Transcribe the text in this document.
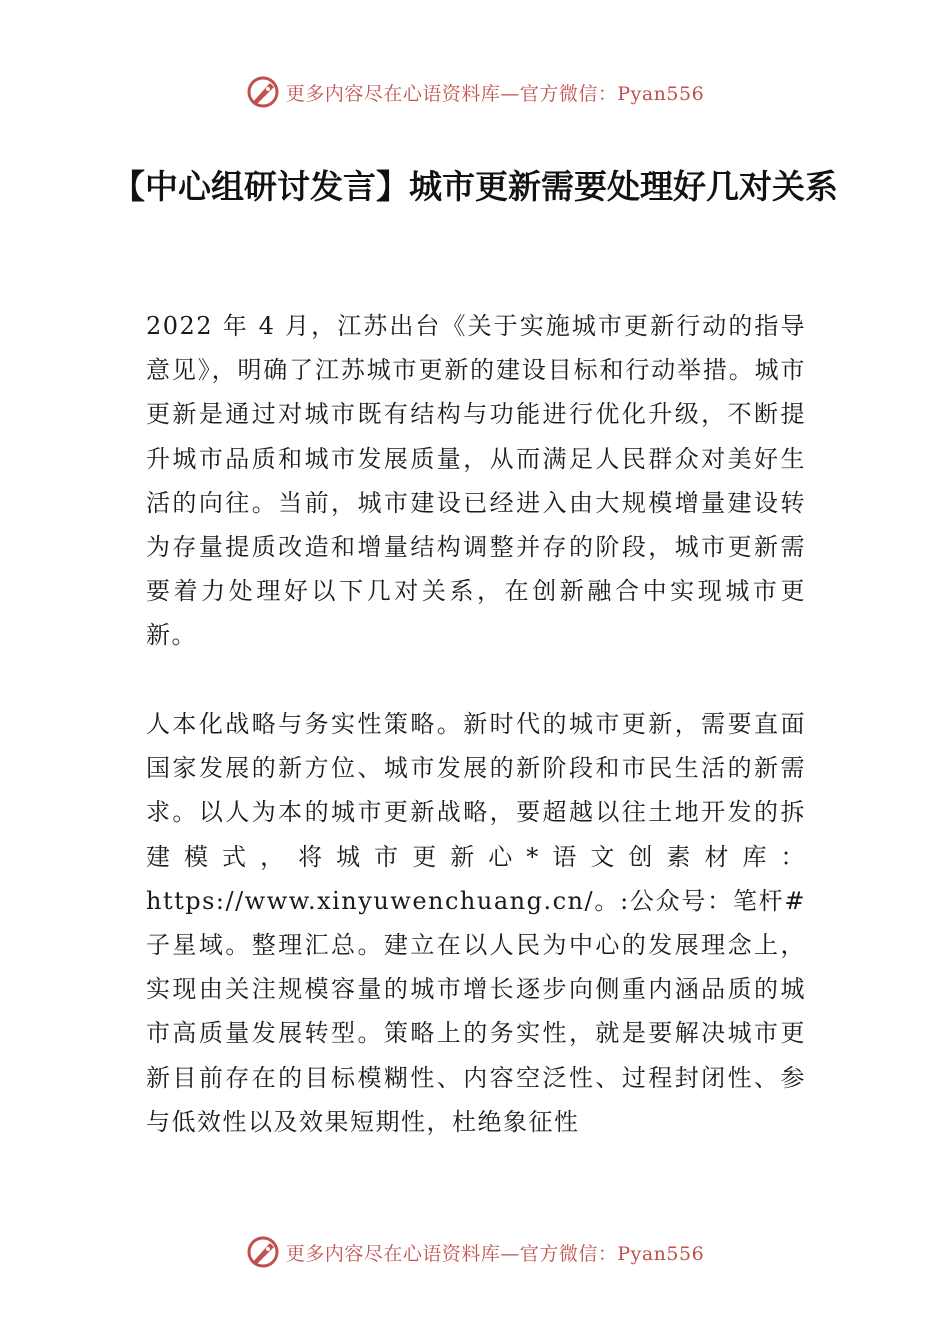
更多内容尽在心语资料库—官方微信：Pyan556
【中心组研讨发言】城市更新需要处理好几对关系

2022 年 4 月，江苏出台《关于实施城市更新行动的指导意见》，明确了江苏城市更新的建设目标和行动举措。城市更新是通过对城市既有结构与功能进行优化升级，不断提升城市品质和城市发展质量，从而满足人民群众对美好生活的向往。当前，城市建设已经进入由大规模增量建设转为存量提质改造和增量结构调整并存的阶段，城市更新需要着力处理好以下几对关系，在创新融合中实现城市更新。

人本化战略与务实性策略。新时代的城市更新，需要直面国家发展的新方位、城市发展的新阶段和市民生活的新需求。以人为本的城市更新战略，要超越以往土地开发的拆建模式，将城市更新心*语文创素材库：https://www.xinyuwenchuang.cn/。:公众号：笔杆#子星域。整理汇总。建立在以人民为中心的发展理念上，实现由关注规模容量的城市增长逐步向侧重内涵品质的城市高质量发展转型。策略上的务实性，就是要解决城市更新目前存在的目标模糊性、内容空泛性、过程封闭性、参与低效性以及效果短期性，杜绝象征性

更多内容尽在心语资料库—官方微信：Pyan556
